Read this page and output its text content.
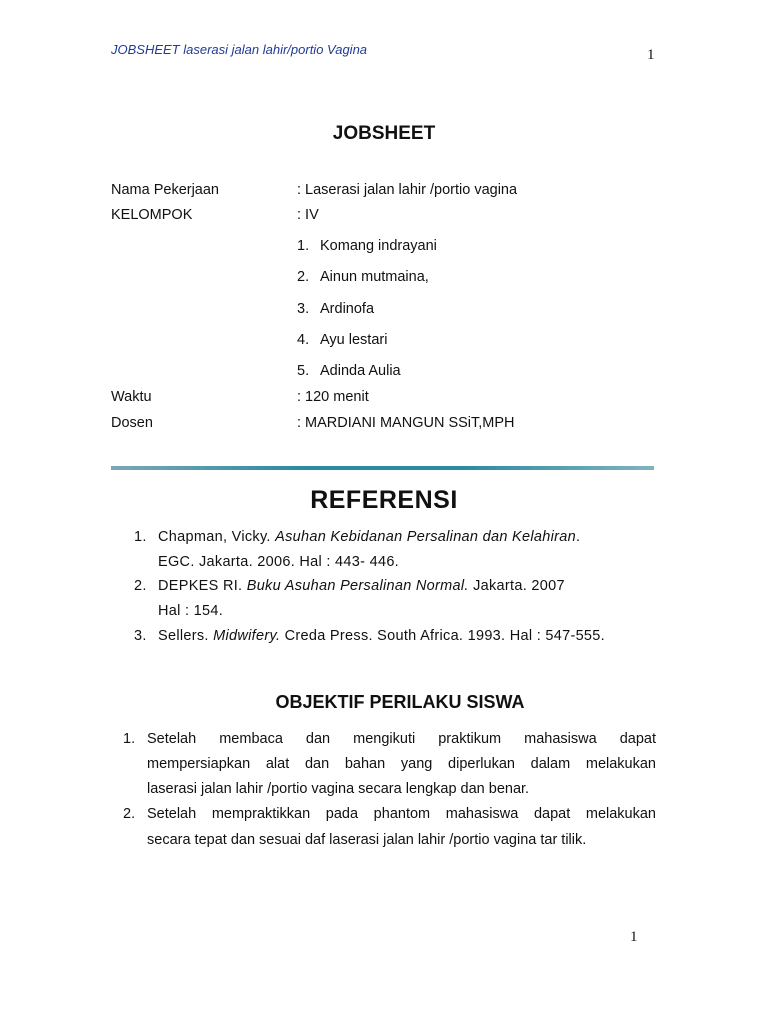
JOBSHEET laserasi jalan lahir/portio Vagina	1
JOBSHEET
Nama Pekerjaan	: Laserasi jalan lahir /portio vagina
KELOMPOK	: IV
1. Komang indrayani
2. Ainun mutmaina,
3. Ardinofa
4. Ayu lestari
5. Adinda Aulia
Waktu	: 120 menit
Dosen	: MARDIANI MANGUN SSiT,MPH
REFERENSI
1. Chapman, Vicky. Asuhan Kebidanan Persalinan dan Kelahiran.
EGC. Jakarta. 2006. Hal : 443- 446.
2. DEPKES RI. Buku Asuhan Persalinan Normal. Jakarta. 2007
Hal : 154.
3. Sellers. Midwifery. Creda Press. South Africa. 1993. Hal : 547-555.
OBJEKTIF PERILAKU SISWA
1. Setelah membaca dan mengikuti praktikum mahasiswa dapat
mempersiapkan alat dan bahan yang diperlukan dalam melakukan
laserasi jalan lahir /portio vagina secara lengkap dan benar.
2. Setelah mempraktikkan pada phantom mahasiswa dapat melakukan
secara tepat dan sesuai daf laserasi jalan lahir /portio vagina tar tilik.
1
